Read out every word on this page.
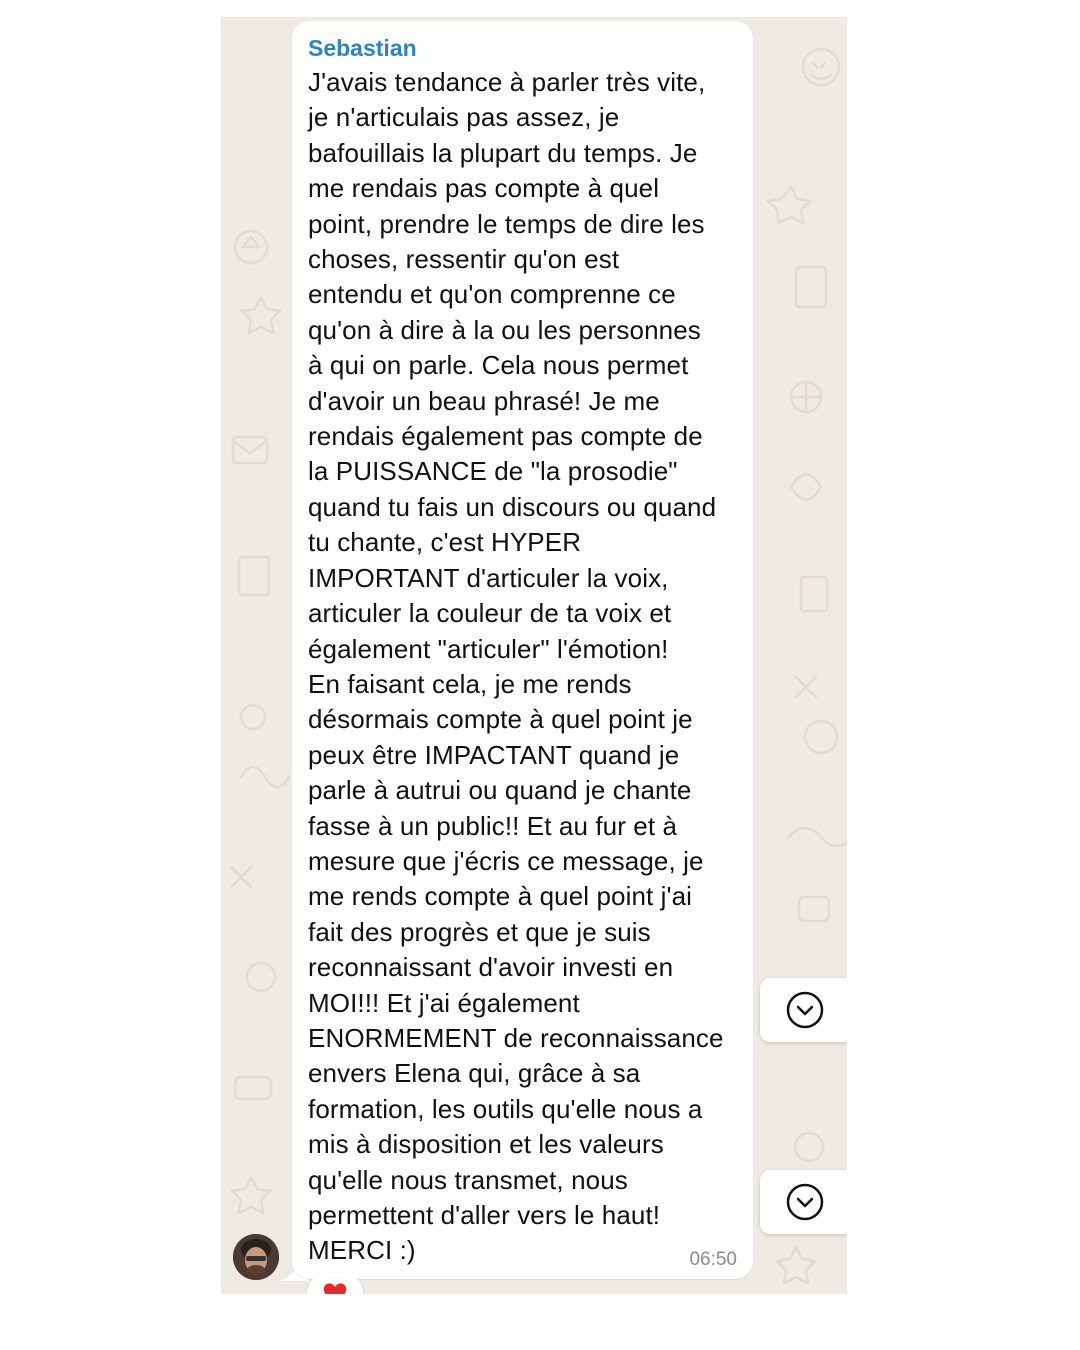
Sebastian

J'avais tendance à parler très vite,
je n'articulais pas assez, je
bafouillais la plupart du temps. Je
me rendais pas compte à quel
point, prendre le temps de dire les
choses, ressentir qu'on est
entendu et qu'on comprenne ce
qu'on à dire à la ou les personnes
à qui on parle. Cela nous permet
d'avoir un beau phrasé! Je me
rendais également pas compte de
la PUISSANCE de "la prosodie"
quand tu fais un discours ou quand
tu chante, c'est HYPER
IMPORTANT d'articuler la voix,
articuler la couleur de ta voix et
également "articuler" l'émotion!
En faisant cela, je me rends
désormais compte à quel point je
peux être IMPACTANT quand je
parle à autrui ou quand je chante
fasse à un public!! Et au fur et à
mesure que j'écris ce message, je
me rends compte à quel point j'ai
fait des progrès et que je suis
reconnaissant d'avoir investi en
MOI!!! Et j'ai également
ENORMEMENT de reconnaissance
envers Elena qui, grâce à sa
formation, les outils qu'elle nous a
mis à disposition et les valeurs
qu'elle nous transmet, nous
permettent d'aller vers le haut!
MERCI :)	06:50
